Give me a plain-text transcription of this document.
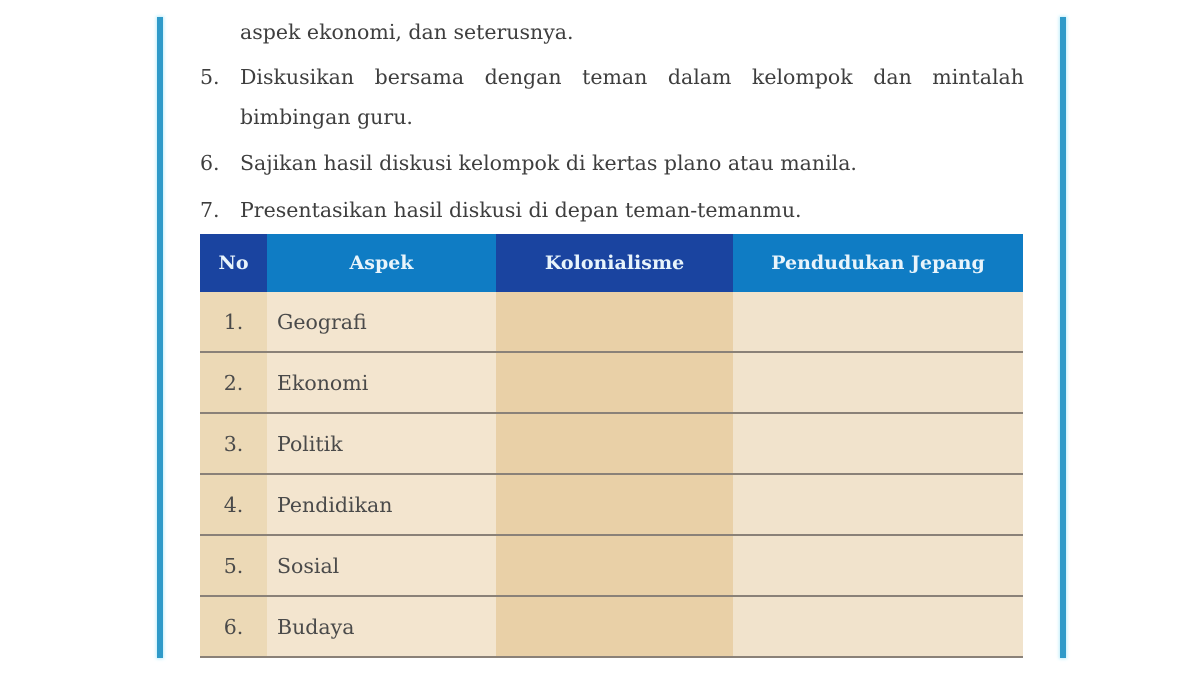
aspek ekonomi, dan seterusnya.
5. Diskusikan bersama dengan teman dalam kelompok dan mintalah
bimbingan guru.
6. Sajikan hasil diskusi kelompok di kertas plano atau manila.
7. Presentasikan hasil diskusi di depan teman-temanmu.
No	Aspek	Kolonialisme	Pendudukan Jepang
1.	Geografi		
2.	Ekonomi		
3.	Politik		
4.	Pendidikan		
5.	Sosial		
6.	Budaya		
